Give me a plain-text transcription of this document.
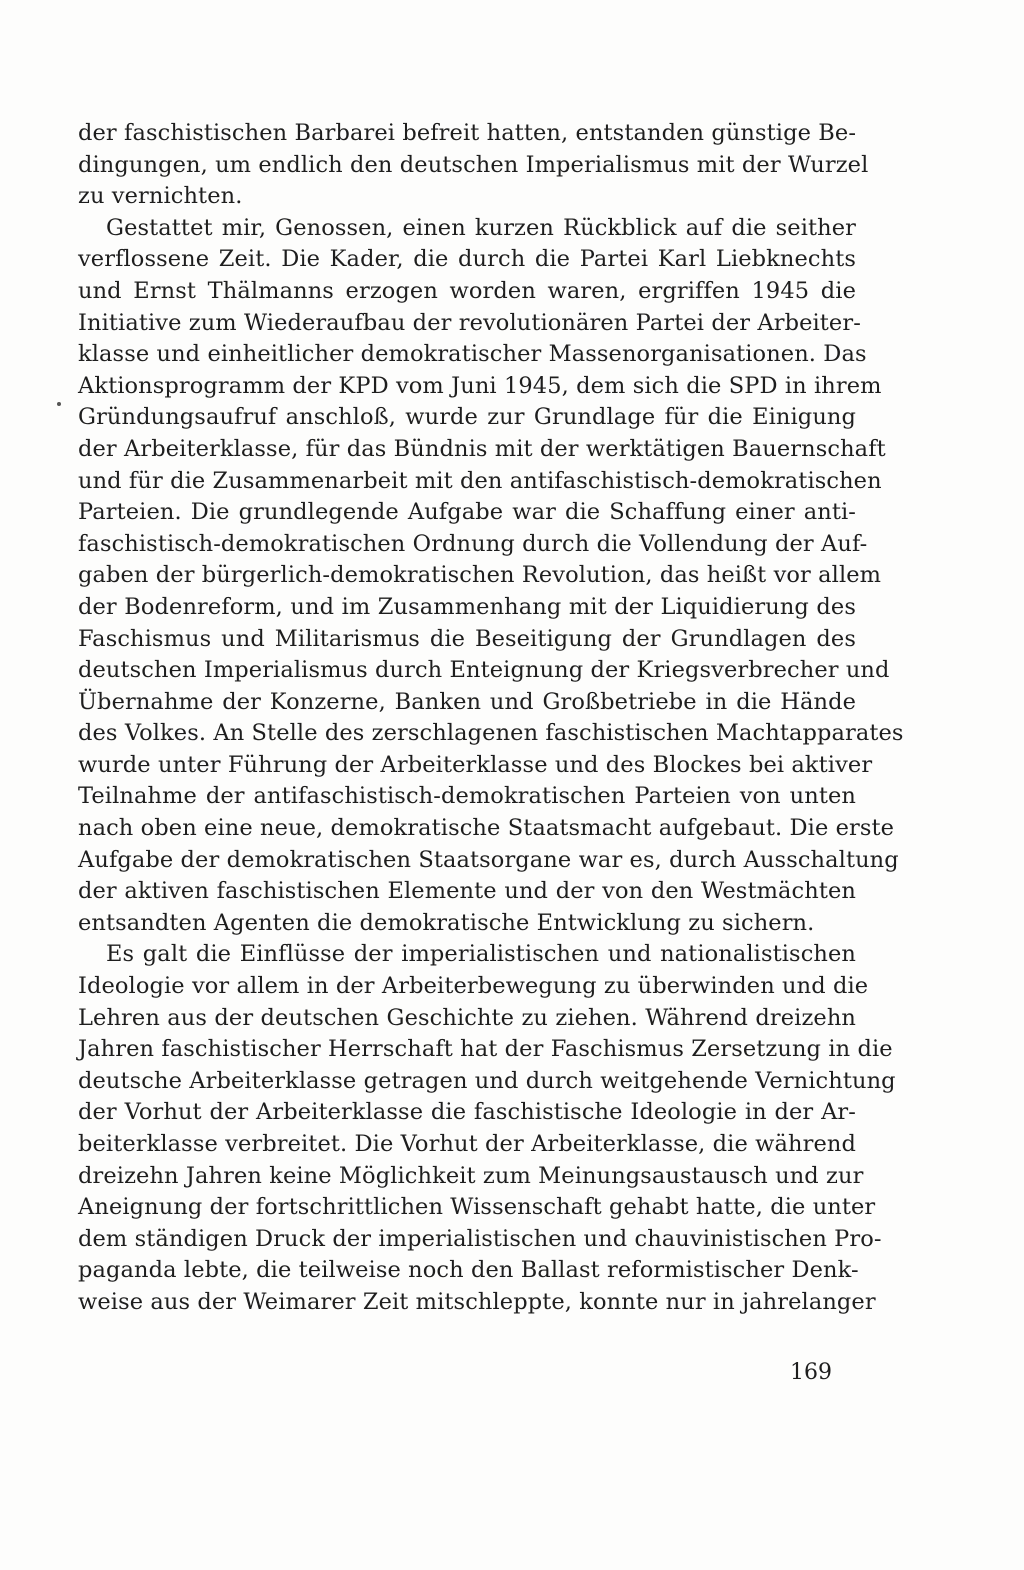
der faschistischen Barbarei befreit hatten, entstanden günstige Be-
dingungen, um endlich den deutschen Imperialismus mit der Wurzel
zu vernichten.
Gestattet mir, Genossen, einen kurzen Rückblick auf die seither
verflossene Zeit. Die Kader, die durch die Partei Karl Liebknechts
und Ernst Thälmanns erzogen worden waren, ergriffen 1945 die
Initiative zum Wiederaufbau der revolutionären Partei der Arbeiter-
klasse und einheitlicher demokratischer Massenorganisationen. Das
Aktionsprogramm der KPD vom Juni 1945, dem sich die SPD in ihrem
Gründungsaufruf anschloß, wurde zur Grundlage für die Einigung
der Arbeiterklasse, für das Bündnis mit der werktätigen Bauernschaft
und für die Zusammenarbeit mit den antifaschistisch-demokratischen
Parteien. Die grundlegende Aufgabe war die Schaffung einer anti-
faschistisch-demokratischen Ordnung durch die Vollendung der Auf-
gaben der bürgerlich-demokratischen Revolution, das heißt vor allem
der Bodenreform, und im Zusammenhang mit der Liquidierung des
Faschismus und Militarismus die Beseitigung der Grundlagen des
deutschen Imperialismus durch Enteignung der Kriegsverbrecher und
Übernahme der Konzerne, Banken und Großbetriebe in die Hände
des Volkes. An Stelle des zerschlagenen faschistischen Machtapparates
wurde unter Führung der Arbeiterklasse und des Blockes bei aktiver
Teilnahme der antifaschistisch-demokratischen Parteien von unten
nach oben eine neue, demokratische Staatsmacht aufgebaut. Die erste
Aufgabe der demokratischen Staatsorgane war es, durch Ausschaltung
der aktiven faschistischen Elemente und der von den Westmächten
entsandten Agenten die demokratische Entwicklung zu sichern.
Es galt die Einflüsse der imperialistischen und nationalistischen
Ideologie vor allem in der Arbeiterbewegung zu überwinden und die
Lehren aus der deutschen Geschichte zu ziehen. Während dreizehn
Jahren faschistischer Herrschaft hat der Faschismus Zersetzung in die
deutsche Arbeiterklasse getragen und durch weitgehende Vernichtung
der Vorhut der Arbeiterklasse die faschistische Ideologie in der Ar-
beiterklasse verbreitet. Die Vorhut der Arbeiterklasse, die während
dreizehn Jahren keine Möglichkeit zum Meinungsaustausch und zur
Aneignung der fortschrittlichen Wissenschaft gehabt hatte, die unter
dem ständigen Druck der imperialistischen und chauvinistischen Pro-
paganda lebte, die teilweise noch den Ballast reformistischer Denk-
weise aus der Weimarer Zeit mitschleppte, konnte nur in jahrelanger
169
